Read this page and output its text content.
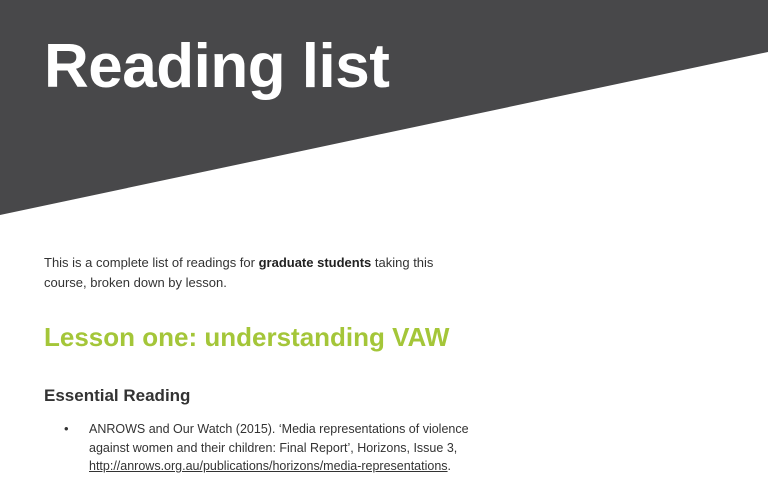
Reading list

This is a complete list of readings for graduate students taking this course, broken down by lesson.

Lesson one: understanding VAW
Essential Reading
• ANROWS and Our Watch (2015). ‘Media representations of violence against women and their children: Final Report’, Horizons, Issue 3, http://anrows.org.au/publications/horizons/media-representations.
